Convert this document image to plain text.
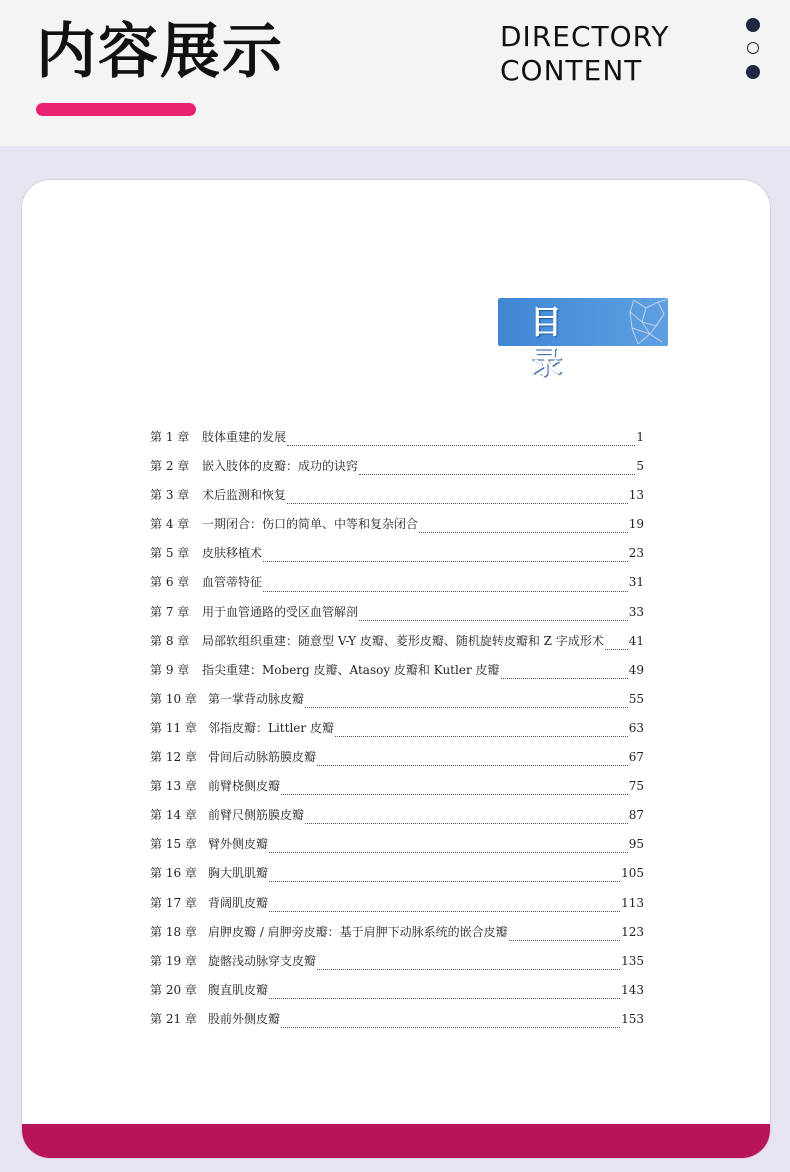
内容展示	DIRECTORY
CONTENT
目 录
第 1 章	肢体重建的发展	1
第 2 章	嵌入肢体的皮瓣：成功的诀窍	5
第 3 章	术后监测和恢复	13
第 4 章	一期闭合：伤口的简单、中等和复杂闭合	19
第 5 章	皮肤移植术	23
第 6 章	血管蒂特征	31
第 7 章	用于血管通路的受区血管解剖	33
第 8 章	局部软组织重建：随意型 V-Y 皮瓣、菱形皮瓣、随机旋转皮瓣和 Z 字成形术 41
第 9 章	指尖重建：Moberg 皮瓣、Atasoy 皮瓣和 Kutler 皮瓣	49
第 10 章 第一掌背动脉皮瓣	55
第 11 章 邻指皮瓣：Littler 皮瓣	63
第 12 章 骨间后动脉筋膜皮瓣	67
第 13 章 前臂桡侧皮瓣	75
第 14 章 前臂尺侧筋膜皮瓣	87
第 15 章 臂外侧皮瓣	95
第 16 章 胸大肌肌瓣	105
第 17 章 背阔肌皮瓣	113
第 18 章 肩胛皮瓣 / 肩胛旁皮瓣：基于肩胛下动脉系统的嵌合皮瓣	123
第 19 章 旋髂浅动脉穿支皮瓣	135
第 20 章 腹直肌皮瓣	143
第 21 章 股前外侧皮瓣	153
